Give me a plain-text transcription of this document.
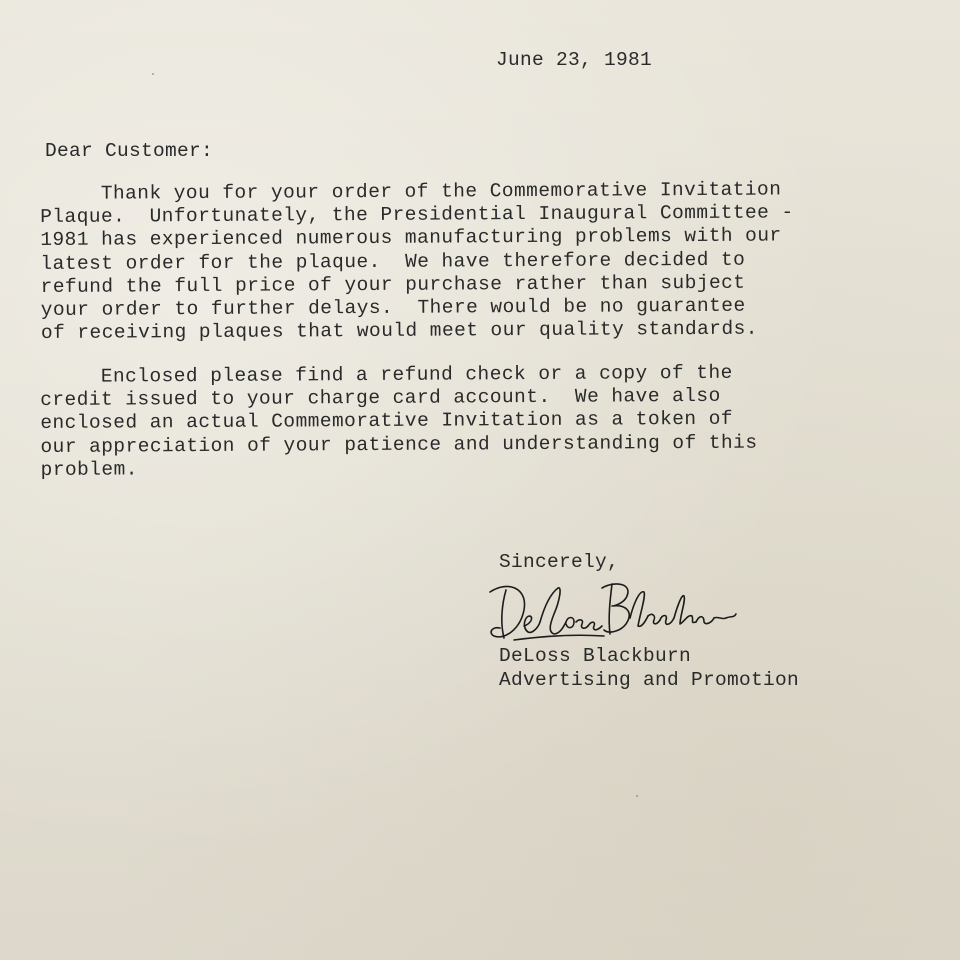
June 23, 1981
Dear Customer:
Thank you for your order of the Commemorative Invitation
Plaque.  Unfortunately, the Presidential Inaugural Committee -
1981 has experienced numerous manufacturing problems with our
latest order for the plaque.  We have therefore decided to
refund the full price of your purchase rather than subject
your order to further delays.  There would be no guarantee
of receiving plaques that would meet our quality standards.
Enclosed please find a refund check or a copy of the
credit issued to your charge card account.  We have also
enclosed an actual Commemorative Invitation as a token of
our appreciation of your patience and understanding of this
problem.
Sincerely,
DeLoss Blackburn
Advertising and Promotion
